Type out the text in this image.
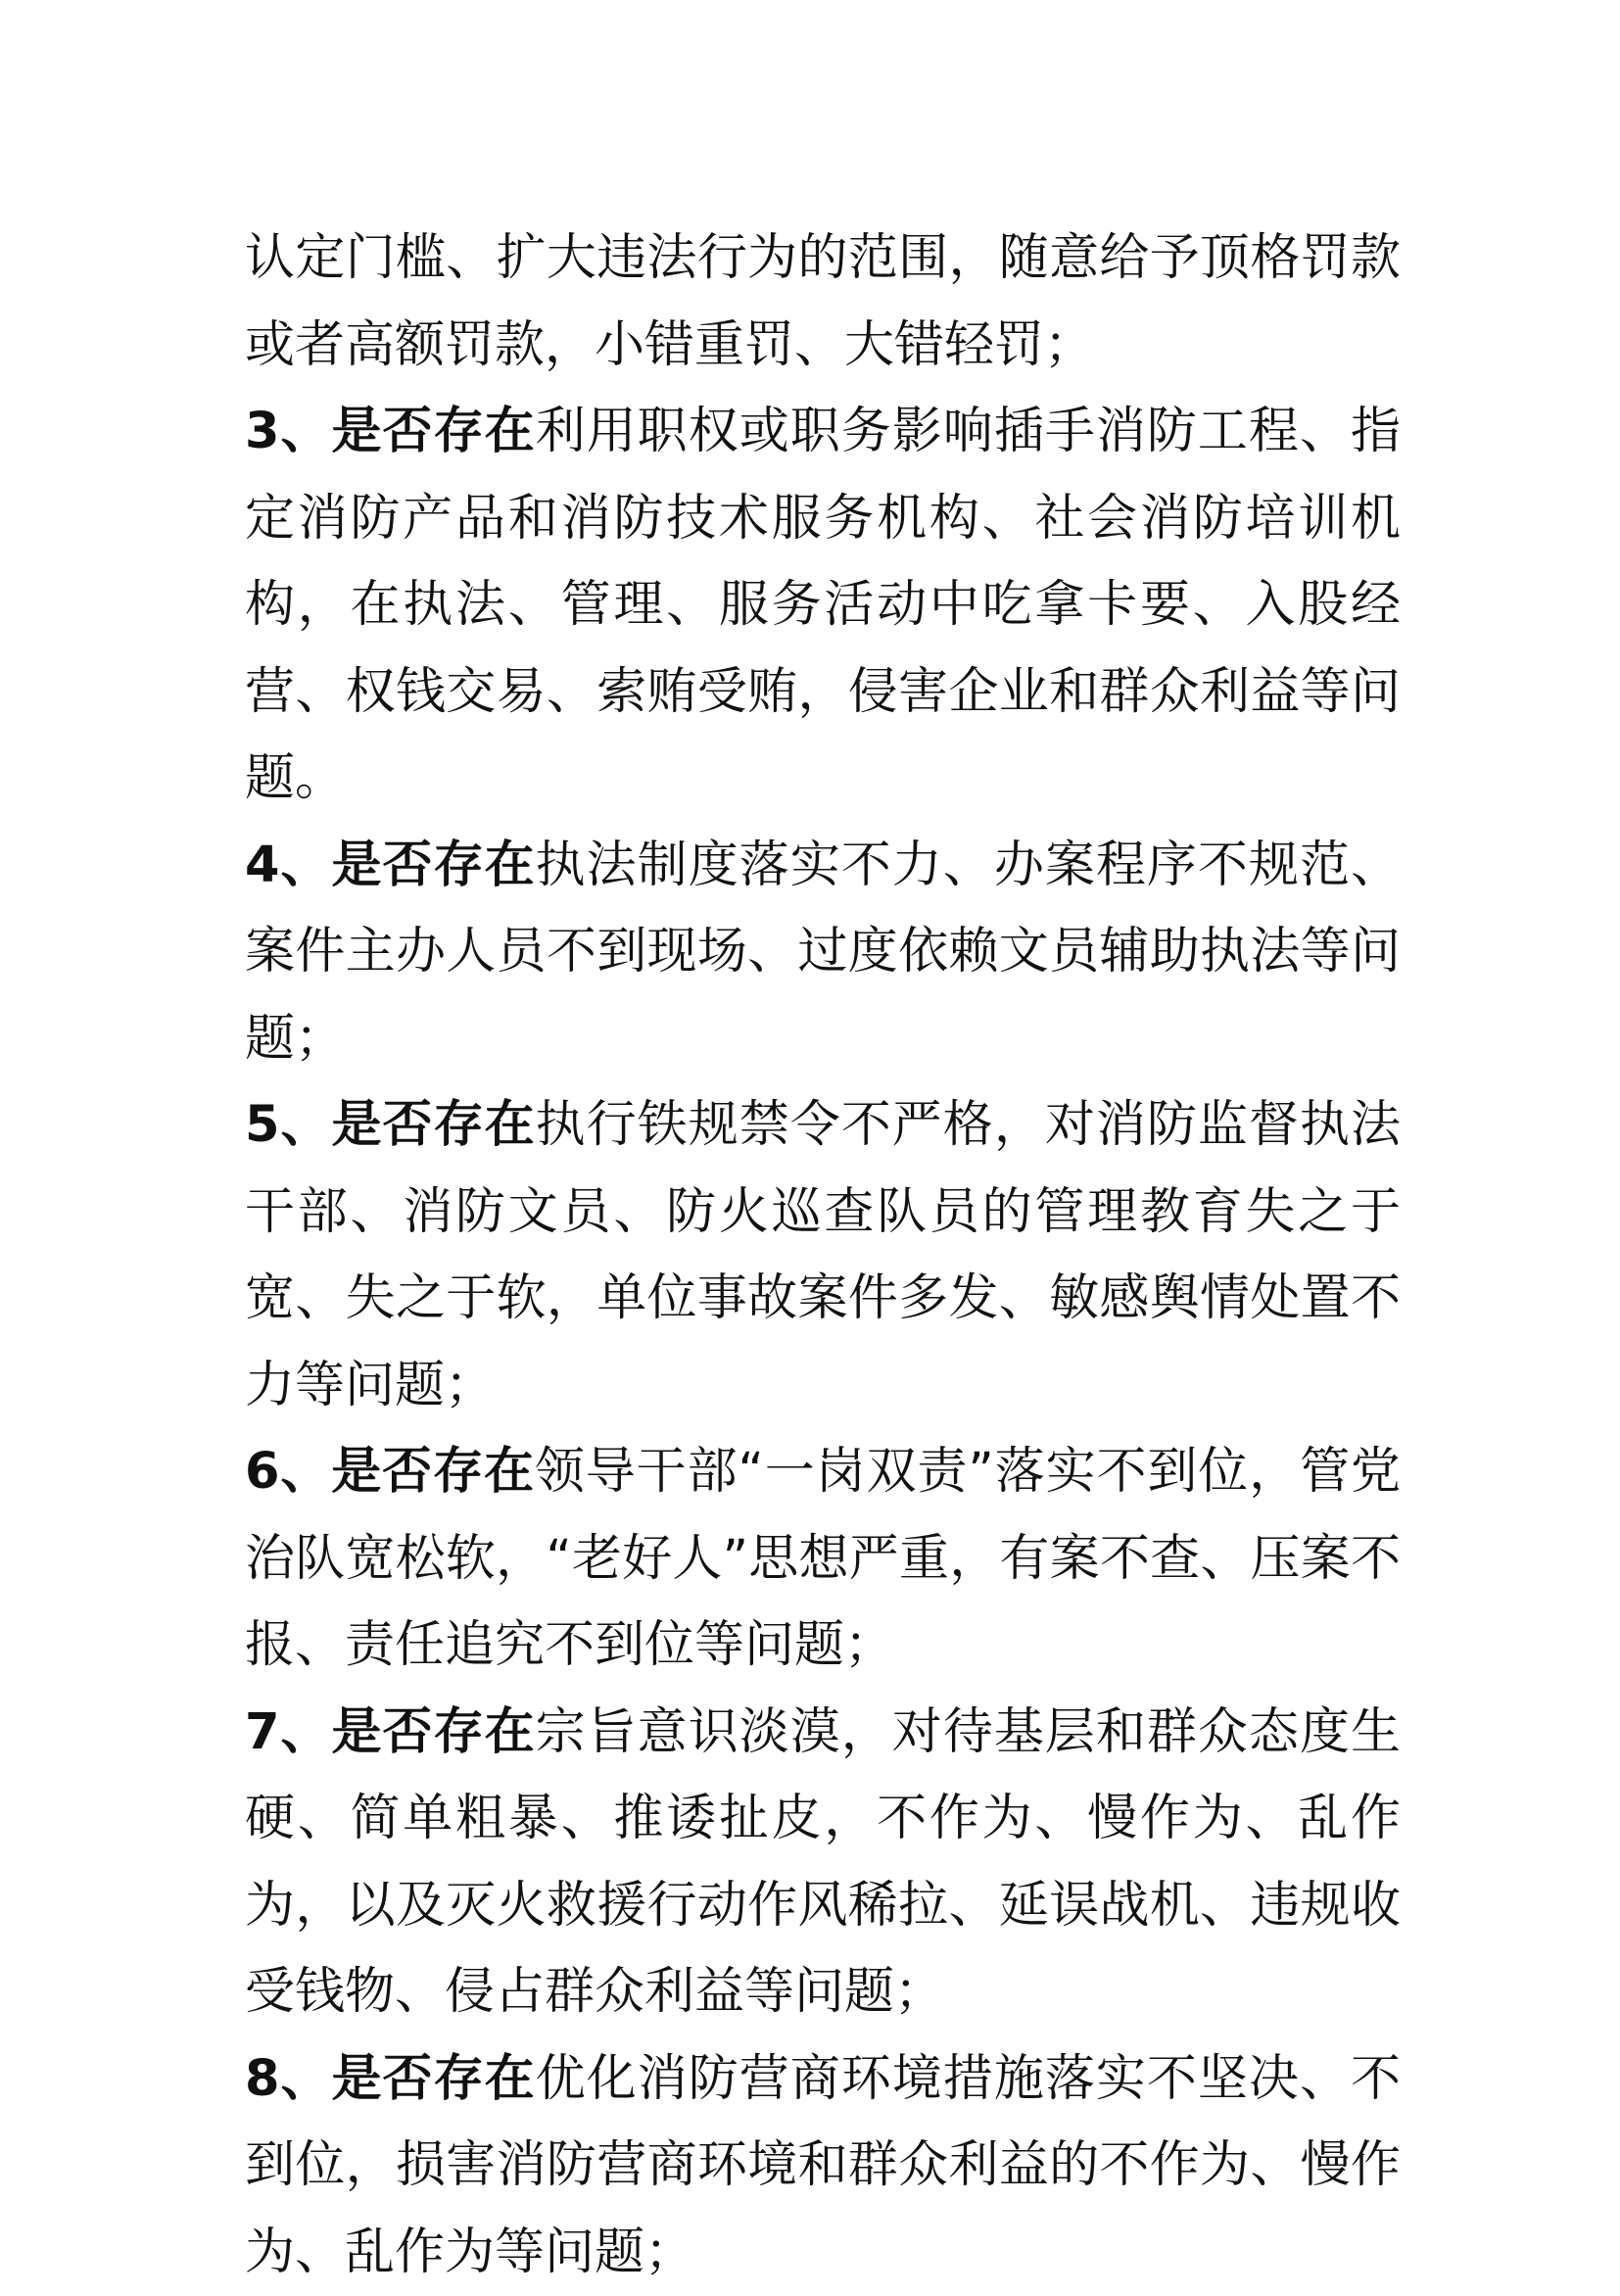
认定门槛、扩大违法行为的范围，随意给予顶格罚款或者高额罚款，小错重罚、大错轻罚；

3、是否存在利用职权或职务影响插手消防工程、指定消防产品和消防技术服务机构、社会消防培训机构，在执法、管理、服务活动中吃拿卡要、入股经营、权钱交易、索贿受贿，侵害企业和群众利益等问题。

4、是否存在执法制度落实不力、办案程序不规范、案件主办人员不到现场、过度依赖文员辅助执法等问题；

5、是否存在执行铁规禁令不严格，对消防监督执法干部、消防文员、防火巡查队员的管理教育失之于宽、失之于软，单位事故案件多发、敏感舆情处置不力等问题；

6、是否存在领导干部“一岗双责”落实不到位，管党治队宽松软，“老好人”思想严重，有案不查、压案不报、责任追究不到位等问题；

7、是否存在宗旨意识淡漠，对待基层和群众态度生硬、简单粗暴、推诿扯皮，不作为、慢作为、乱作为，以及灭火救援行动作风稀拉、延误战机、违规收受钱物、侵占群众利益等问题；

8、是否存在优化消防营商环境措施落实不坚决、不到位，损害消防营商环境和群众利益的不作为、慢作为、乱作为等问题；
